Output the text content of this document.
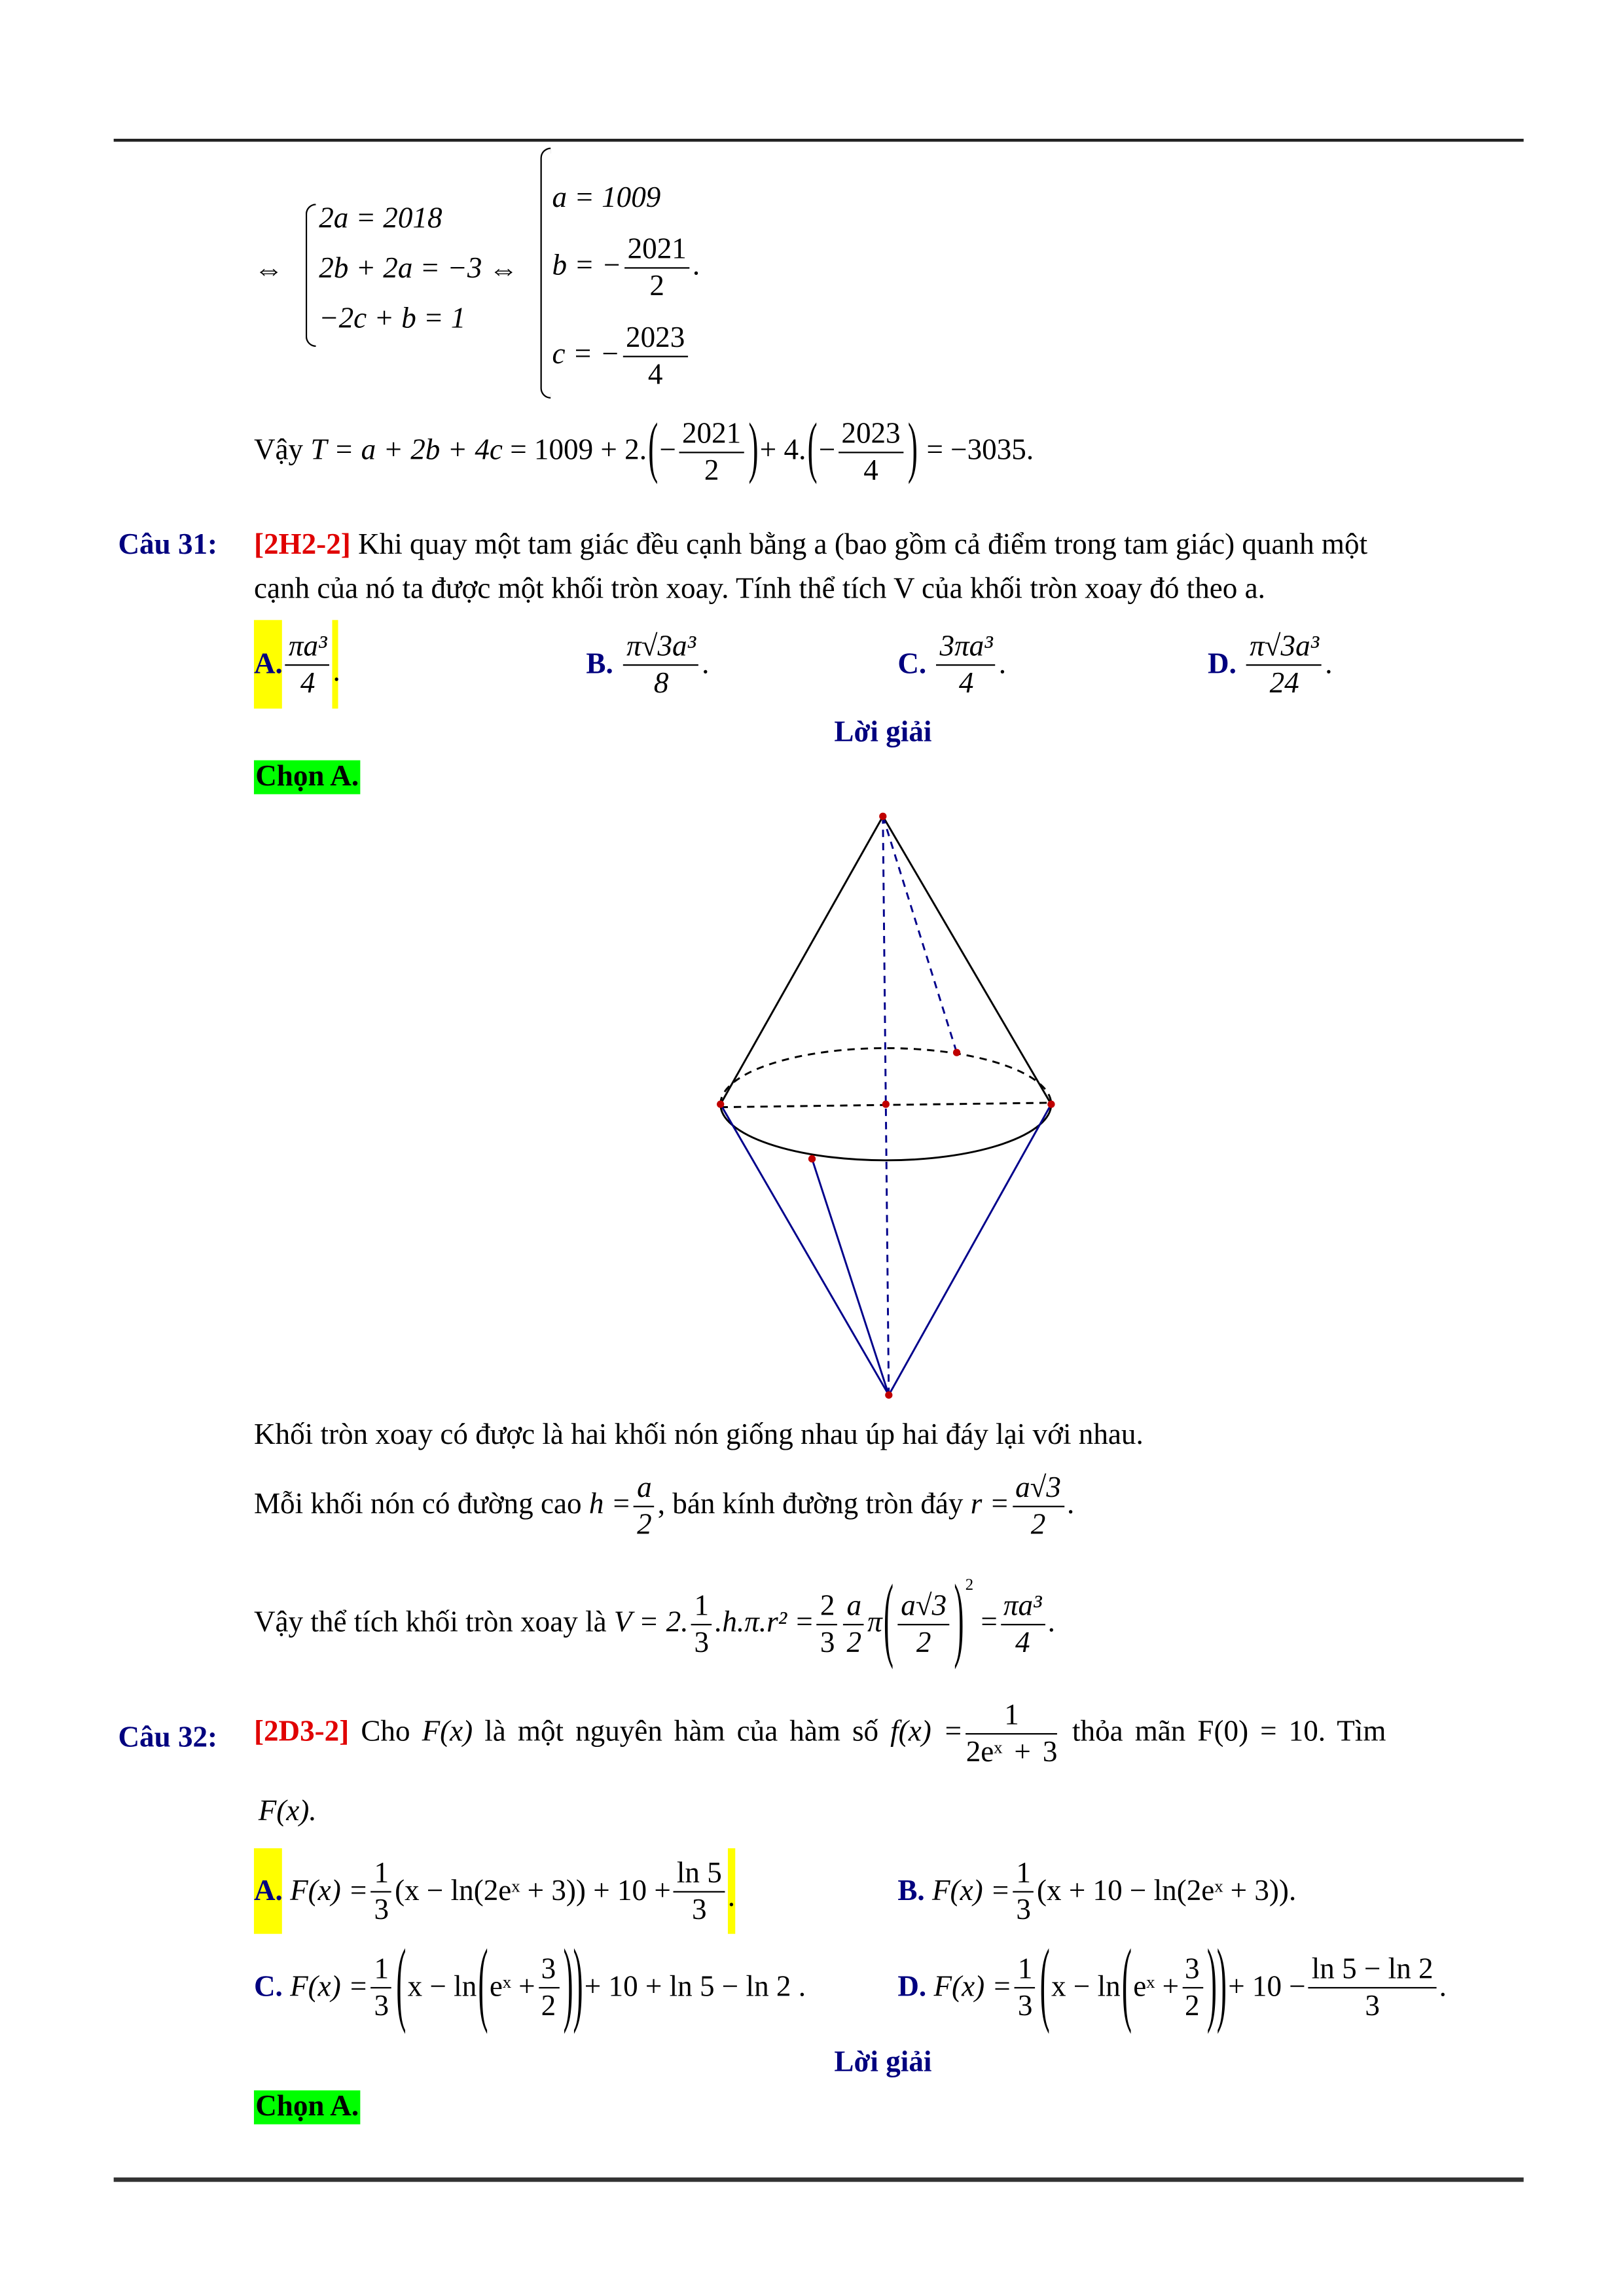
⇔
2a = 2018
2b + 2a = −3
−2c + b = 1
⇔
a = 1009
b = − $\frac{2021}{2}$ .
c = − $\frac{2023}{4}$
Vậy T = a + 2b + 4c = 1009 + 2. ( − $\frac{2021}{2}$ ) + 4. ( − $\frac{2023}{4}$ ) = −3035.
Câu 31:	[2H2-2] Khi quay một tam giác đều cạnh bằng a (bao gồm cả điểm trong tam giác) quanh một
cạnh của nó ta được một khối tròn xoay. Tính thể tích V của khối tròn xoay đó theo a.
A. $\frac{\text{πa³}}{4}$ .	B.
$\frac{\text{π√3a³}}{8}$ .	C.
$\frac{\text{3πa³}}{4}$ .	D.
$\frac{\text{π√3a³}}{24}$ .
Lời giải
Chọn A.
Khối tròn xoay có được là hai khối nón giống nhau úp hai đáy lại với nhau.
Mỗi khối nón có đường cao $h = \frac{a}{2}$ , bán kính đường tròn đáy $r = \frac{a√3}{2}$ .
Vậy thể tích khối tròn xoay là V = 2. $\frac{1}{3} .h.\pi.r^2 = \frac{2}{3} \frac{a}{2}$ π ( $\frac{a√3}{2}$ ) $^2 = \frac{\text{πa³}}{4}$ .
Câu 32:	[2D3-2] Cho F(x) là một nguyên hàm của hàm số $f(x) = \frac{1}{\text{2eˣ + 3}}$ thỏa mãn F(0) = 10. Tìm
F(x).
A.
$F(x) = \frac{1}{3} (x$ − ln(2eˣ + $3)) + 10 + \frac{\ln 5}{3}$ .	B.
$F(x) = \frac{1}{3} (x + 10$ − ln(2eˣ + 3)).
C.
$F(x) = \frac{1}{3}$ ( x − ln ( eˣ + $\frac{3}{2}$ )) + 10 + ln 5 − ln 2 .	D.
$F(x) = \frac{1}{3}$ ( x − ln ( eˣ + $\frac{3}{2}$ )) + $10 - \frac{\ln 5 - \ln 2}{3}$ .
Lời giải
Chọn A.
